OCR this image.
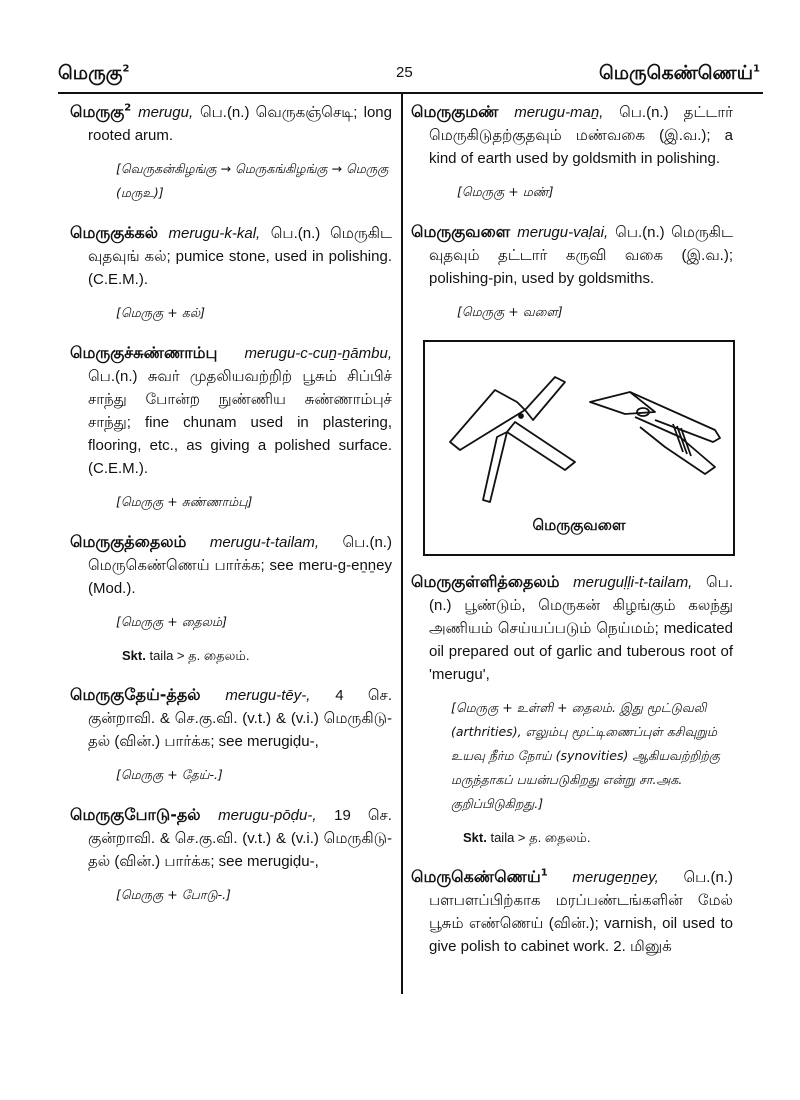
மெருகு$^2$	25	மெருகெண்ணெய்$^1$
மெருகு$^2$ merugu, பெ.(n.) வெருகஞ்செடி; long rooted arum.
[வெருகன்கிழங்கு → மெருகங்கிழங்கு → மெருகு (மருஉ)]
மெருகுக்கல் merugu-k-kal, பெ.(n.) மெருகிட வுதவுங் கல்; pumice stone, used in polishing. (C.E.M.).
[மெருகு + கல்]
மெருகுச்சுண்ணாம்பு merugu-c-cuṉ-ṉāmbu, பெ.(n.) சுவர் முதலியவற்றிற் பூசும் சிப்பிச் சாந்து போன்ற நுண்ணிய சுண்ணாம்புச் சாந்து; fine chunam used in plastering, flooring, etc., as giving a polished surface.(C.E.M.).
[மெருகு + சுண்ணாம்பு]
மெருகுத்தைலம் merugu-t-tailam, பெ.(n.) மெருகெண்ணெய் பார்க்க; see meru-g-eṉṉey (Mod.).
[மெருகு + தைலம்]
Skt. taila > த. தைலம்.
மெருகுதேய்-த்தல் merugu-tēy-, 4 செ. குன்றாவி. & செ.கு.வி. (v.t.) & (v.i.) மெருகிடு-தல் (வின்.) பார்க்க; see merugiḍu-,
[மெருகு + தேய்-.]
மெருகுபோடு-தல் merugu-pōḍu-, 19 செ. குன்றாவி. & செ.கு.வி. (v.t.) & (v.i.) மெருகிடு-தல் (வின்.) பார்க்க; see merugiḍu-,
[மெருகு + போடு-.]
மெருகுமண் merugu-maṉ, பெ.(n.) தட்டார் மெருகிடுதற்குதவும் மண்வகை (இ.வ.); a kind of earth used by goldsmith in polishing.
[மெருகு + மண்]
மெருகுவளை merugu-vaḷai, பெ.(n.) மெருகிட வுதவும் தட்டார் கருவி வகை (இ.வ.); polishing-pin, used by goldsmiths.
[மெருகு + வளை]
மெருகுவளை
மெருகுள்ளித்தைலம் meruguḷḷi-t-tailam, பெ.(n.) பூண்டும், மெருகன் கிழங்கும் கலந்து அணியம் செய்யப்படும் நெய்மம்; medicated oil prepared out of garlic and tuberous root of 'merugu',
[மெருகு + உள்ளி + தைலம். இது மூட்டுவலி (arthrities), எலும்பு மூட்டிணைப்புள் கசிவுறும் உயவு நீர்ம நோய் (synovities) ஆகியவற்றிற்கு மருந்தாகப் பயன்படுகிறது என்று சா.அக. குறிப்பிடுகிறது.]
Skt. taila > த. தைலம்.
மெருகெண்ணெய்$^1$ merugeṉṉey, பெ.(n.) பளபளப்பிற்காக மரப்பண்டங்களின் மேல் பூசும் எண்ணெய் (வின்.); varnish, oil used to give polish to cabinet work. 2. மினுக்
